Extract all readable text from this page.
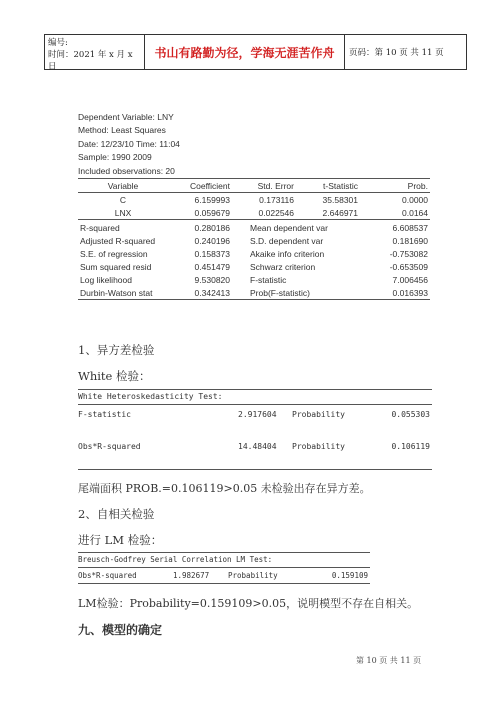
编号:
时间：2021 年 x 月 x 日
书山有路勤为径，学海无涯苦作舟	页码：第 10 页 共 11 页
Dependent Variable: LNY
Method: Least Squares
Date: 12/23/10 Time: 11:04
Sample: 1990 2009
Included observations: 20
Variable	Coefficient	Std. Error	t-Statistic	Prob.
C	6.159993	0.173116	35.58301	0.0000
LNX	0.059679	0.022546	2.646971	0.0164
R-squared	0.280186	Mean dependent var	6.608537
Adjusted R-squared	0.240196	S.D. dependent var	0.181690
S.E. of regression	0.158373	Akaike info criterion	-0.753082
Sum squared resid	0.451479	Schwarz criterion	-0.653509
Log likelihood	9.530820	F-statistic	7.006456
Durbin-Watson stat	0.342413	Prob(F-statistic)	0.016393
1、异方差检验
White 检验：
White Heteroskedasticity Test:
F-statistic	2.917604 Probability	0.055303
Obs*R-squared	14.48404 Probability	0.106119
尾端面积 PROB.=0.106119>0.05 未检验出存在异方差。
2、自相关检验
进行 LM 检验：
Breusch-Godfrey Serial Correlation LM Test:
Obs*R-squared	1.982677	Probability	0.159109
LM检验：Probability=0.159109>0.05，说明模型不存在自相关。
九、模型的确定
第 10 页 共 11 页
